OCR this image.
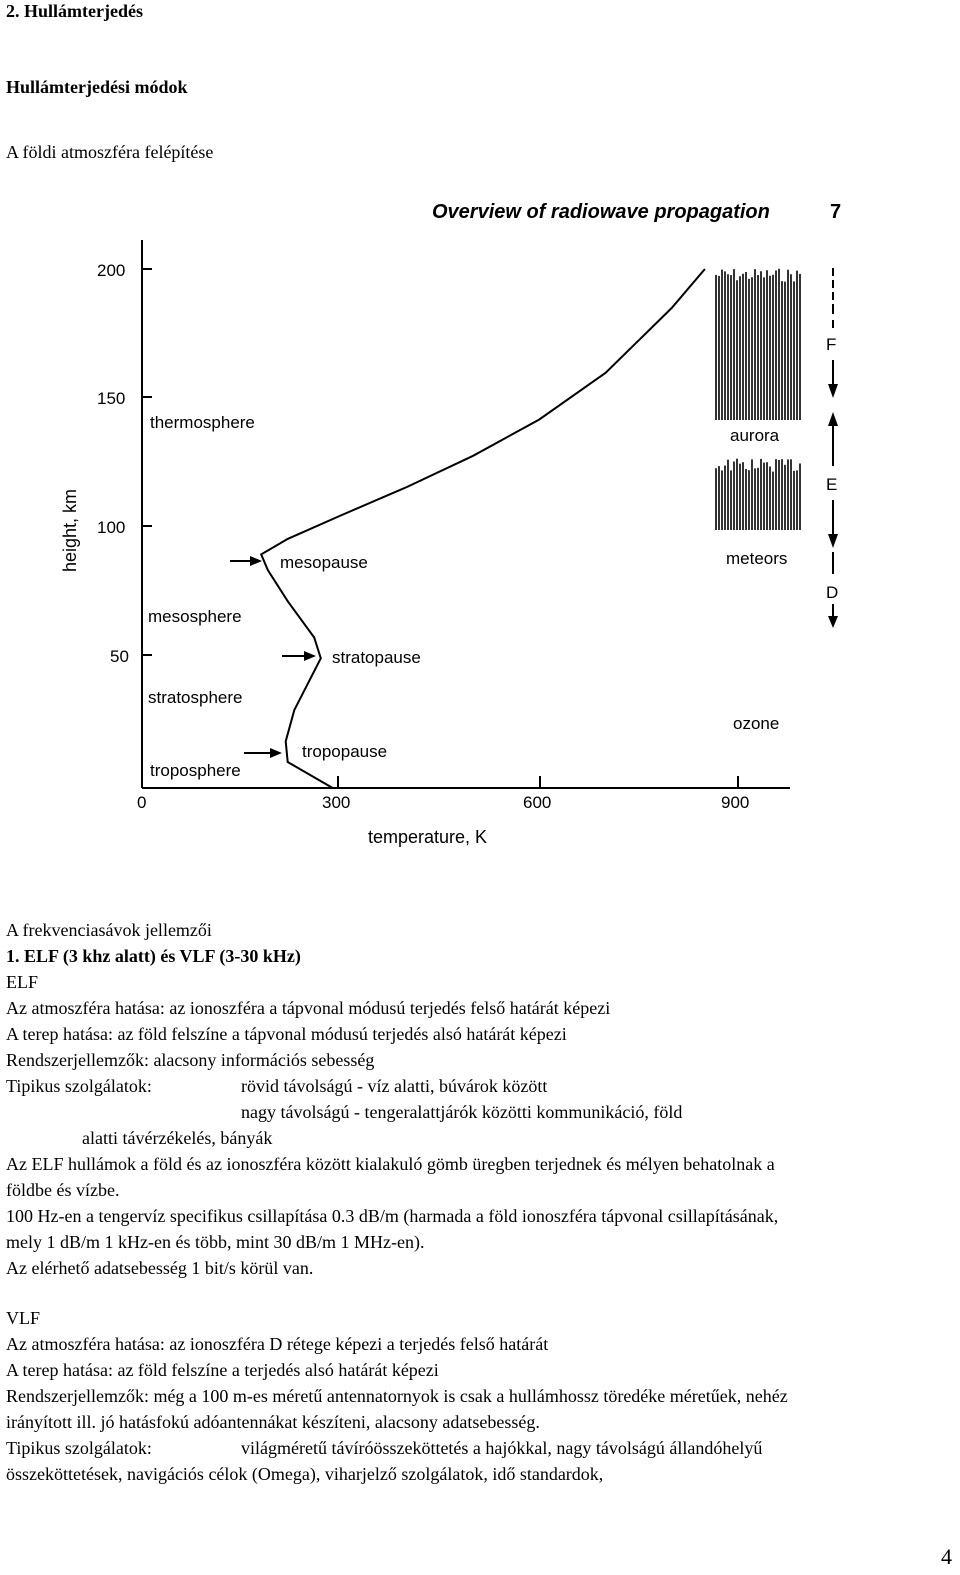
2. Hullámterjedés
Hullámterjedési módok
A földi atmoszféra felépítése
Overview of radiowave propagation	7
200
150
100
50
0	300	600	900
height, km
temperature, K
thermosphere
mesosphere
stratosphere
troposphere
mesopause
stratopause
tropopause
aurora
meteors
ozone
F
E
D
A frekvenciasávok jellemzői
1. ELF (3 khz alatt) és VLF (3-30 kHz)
ELF
Az atmoszféra hatása: az ionoszféra a tápvonal módusú terjedés felső határát képezi
A terep hatása: az föld felszíne a tápvonal módusú terjedés alsó határát képezi
Rendszerjellemzők: alacsony információs sebesség
Tipikus szolgálatok:	rövid távolságú - víz alatti, búvárok között
nagy távolságú - tengeralattjárók közötti kommunikáció, föld
alatti távérzékelés, bányák
Az ELF hullámok a föld és az ionoszféra között kialakuló gömb üregben terjednek és mélyen behatolnak a
földbe és vízbe.
100 Hz-en a tengervíz specifikus csillapítása 0.3 dB/m (harmada a föld ionoszféra tápvonal csillapításának,
mely 1 dB/m 1 kHz-en és több, mint 30 dB/m 1 MHz-en).
Az elérhető adatsebesség 1 bit/s körül van.
VLF
Az atmoszféra hatása: az ionoszféra D rétege képezi a terjedés felső határát
A terep hatása: az föld felszíne a terjedés alsó határát képezi
Rendszerjellemzők: még a 100 m-es méretű antennatornyok is csak a hullámhossz töredéke méretűek, nehéz
irányított ill. jó hatásfokú adóantennákat készíteni, alacsony adatsebesség.
Tipikus szolgálatok:	világméretű távíróösszeköttetés a hajókkal, nagy távolságú állandóhelyű
összeköttetések, navigációs célok (Omega), viharjelző szolgálatok, idő standardok,
4
